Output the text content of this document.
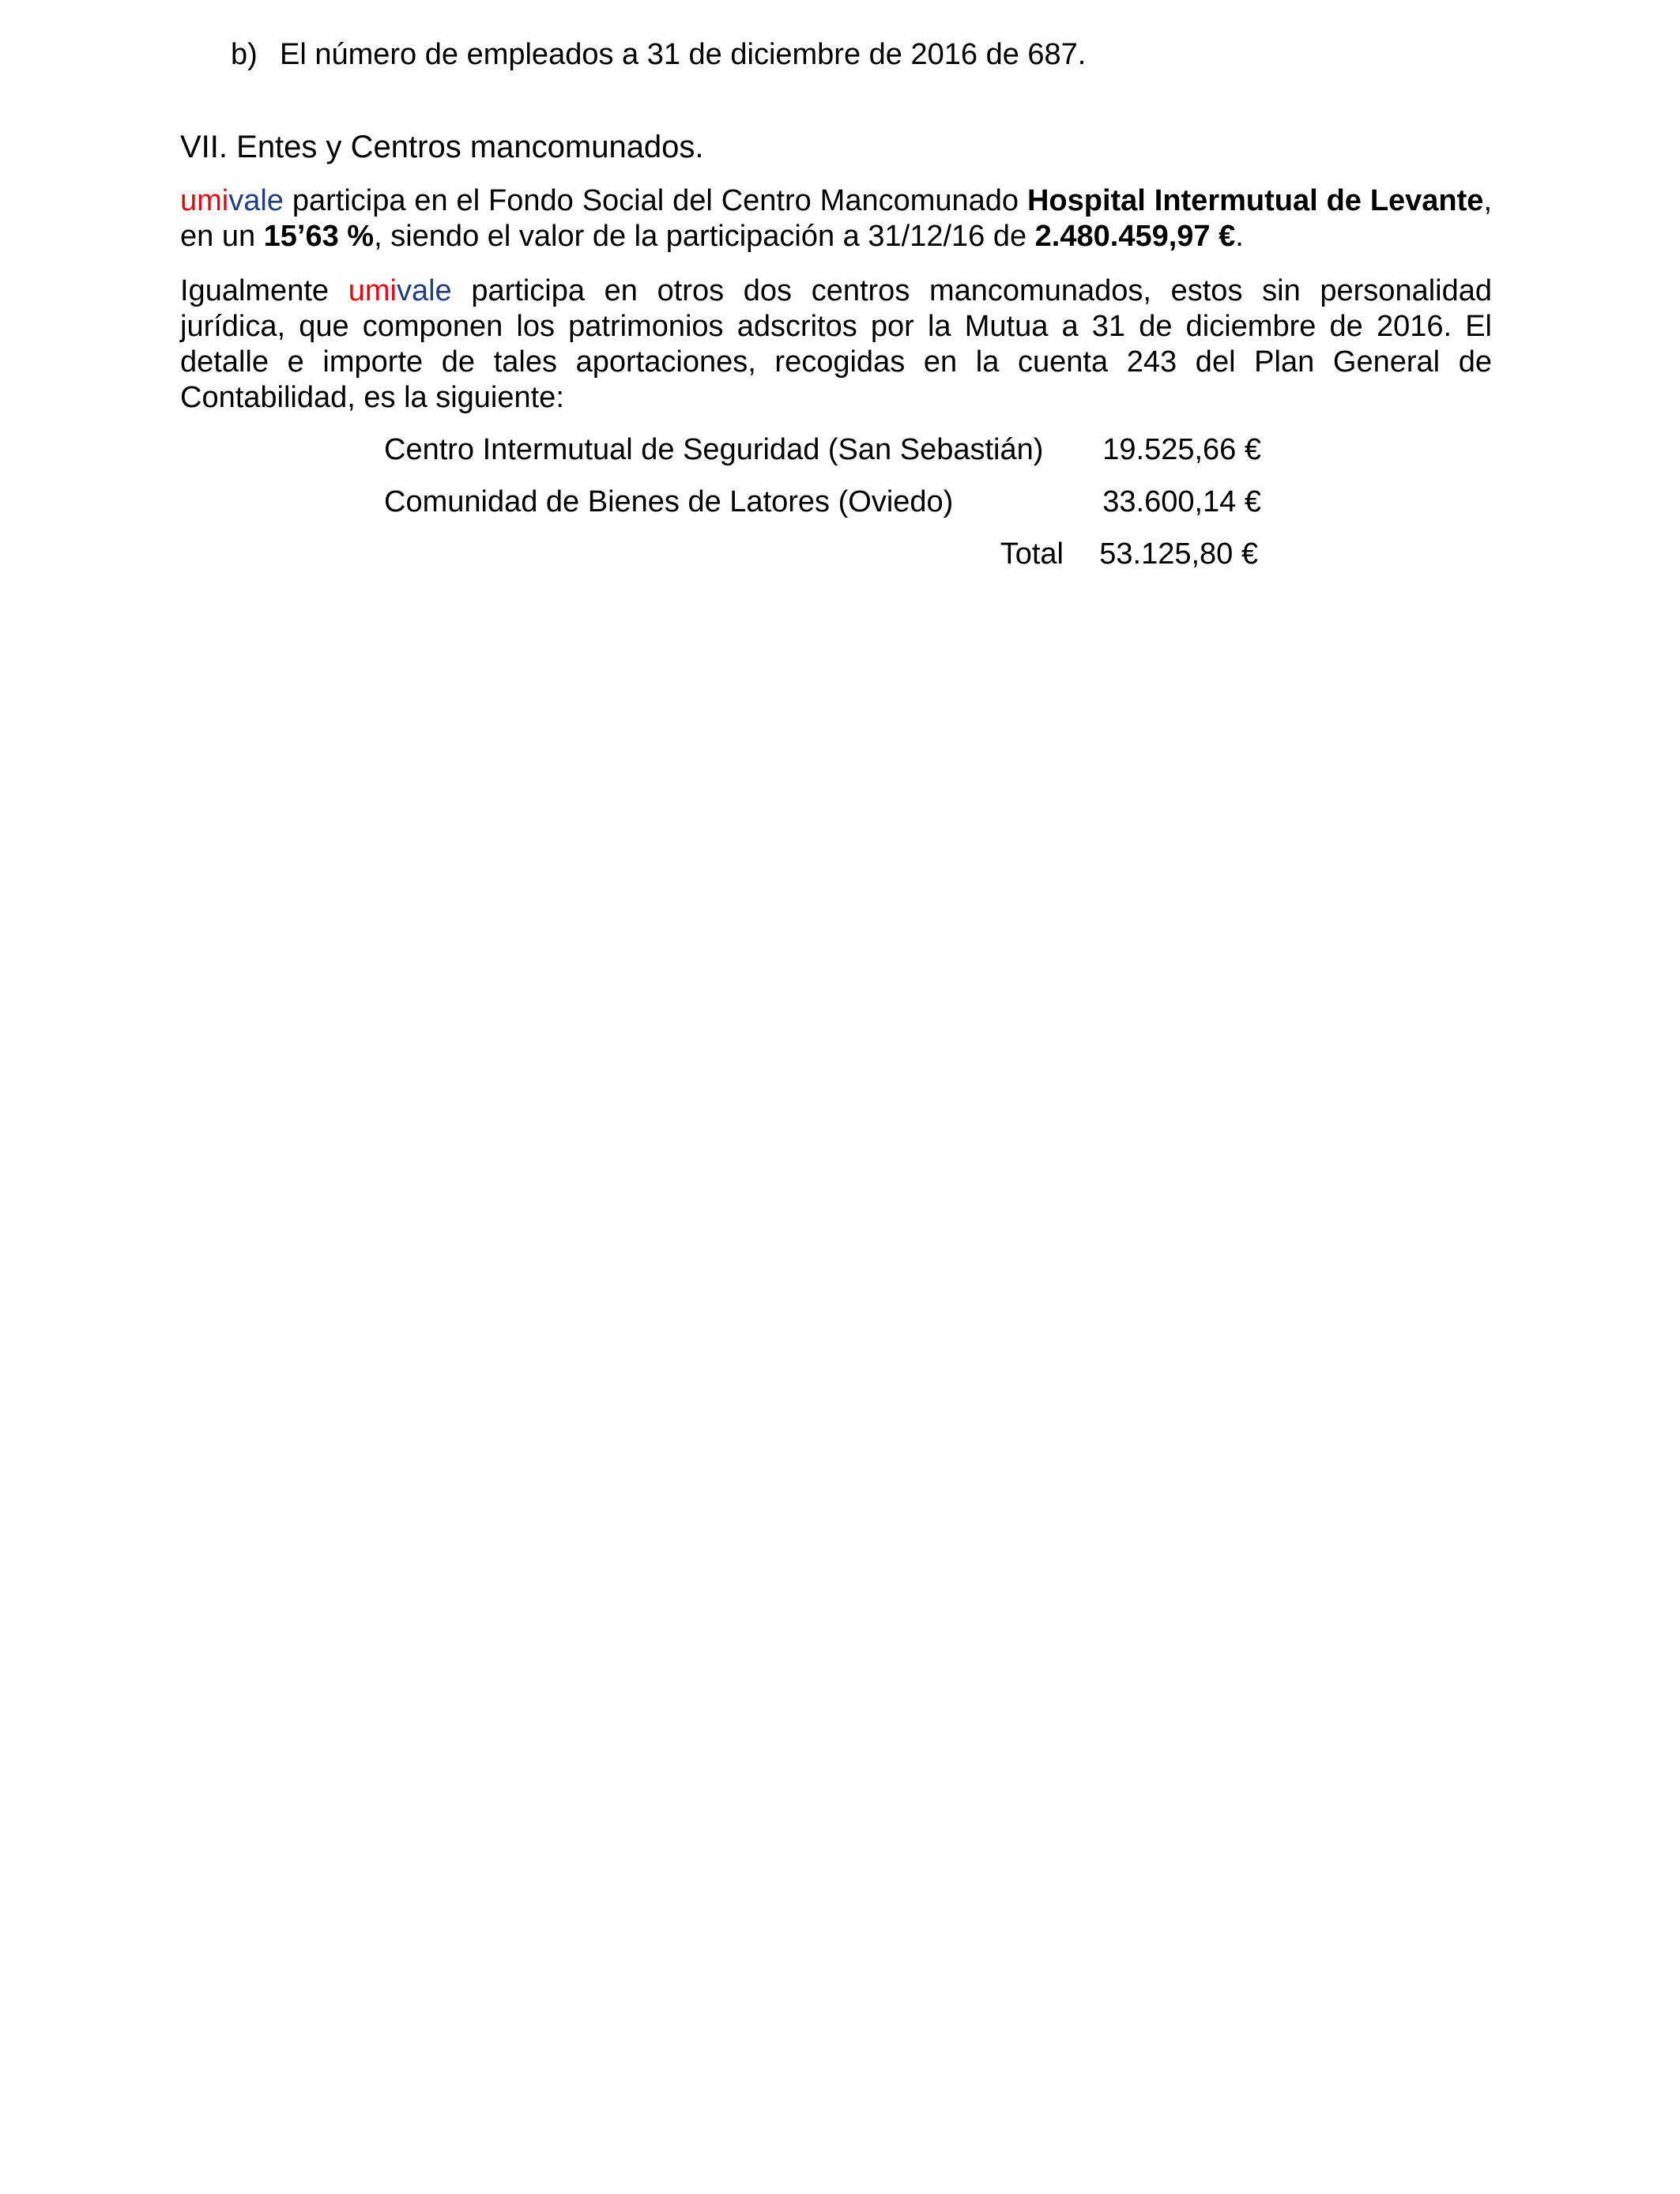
b) El número de empleados a 31 de diciembre de 2016 de 687.
VII. Entes y Centros mancomunados.
umivale participa en el Fondo Social del Centro Mancomunado Hospital Intermutual de Levante, en un 15’63 %, siendo el valor de la participación a 31/12/16 de 2.480.459,97 €.
Igualmente umivale participa en otros dos centros mancomunados, estos sin personalidad jurídica, que componen los patrimonios adscritos por la Mutua a 31 de diciembre de 2016. El detalle e importe de tales aportaciones, recogidas en la cuenta 243 del Plan General de Contabilidad, es la siguiente:
Centro Intermutual de Seguridad (San Sebastián)	19.525,66 €
Comunidad de Bienes de Latores (Oviedo)	33.600,14 €
Total	53.125,80 €
